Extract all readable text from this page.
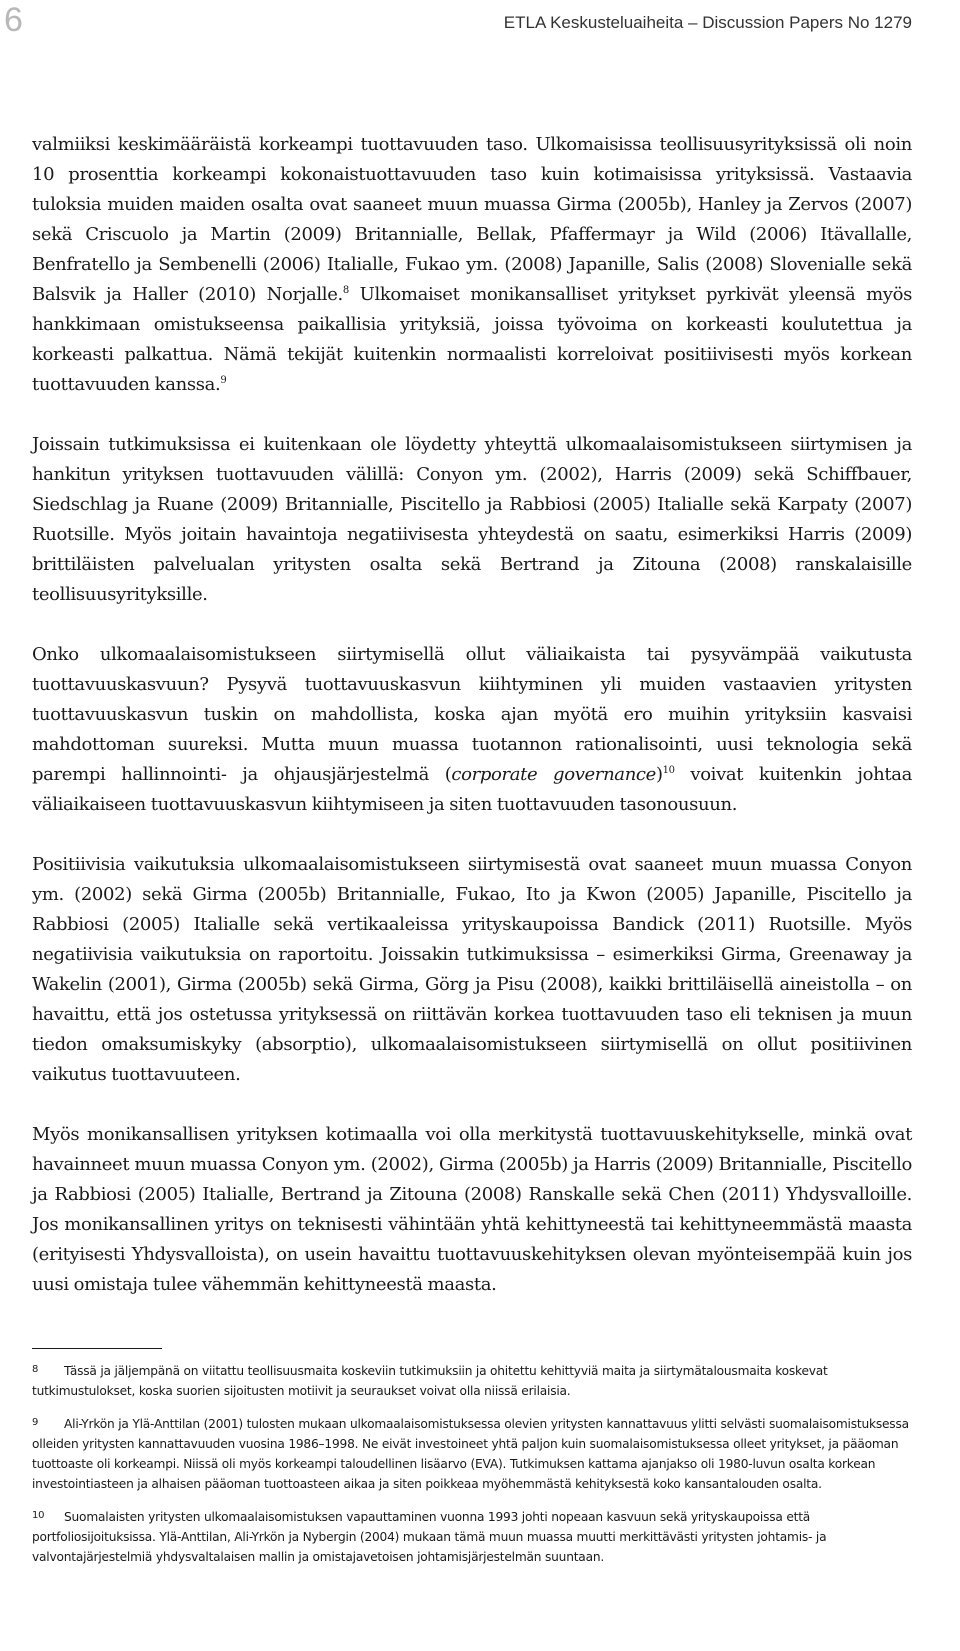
6	ETLA Keskusteluaiheita – Discussion Papers No 1279

valmiiksi keskimääräistä korkeampi tuottavuuden taso. Ulkomaisissa teollisuusyrityksissä oli noin 10 prosenttia korkeampi kokonaistuottavuuden taso kuin kotimaisissa yrityksissä. Vastaavia tuloksia muiden maiden osalta ovat saaneet muun muassa Girma (2005b), Hanley ja Zervos (2007) sekä Criscuolo ja Martin (2009) Britannialle, Bellak, Pfaffermayr ja Wild (2006) Itävallalle, Benfratello ja Sembenelli (2006) Italialle, Fukao ym. (2008) Japanille, Salis (2008) Slovenialle sekä Balsvik ja Haller (2010) Norjalle.$^8$ Ulkomaiset monikansalliset yritykset pyrkivät yleensä myös hankkimaan omistukseensa paikallisia yrityksiä, joissa työvoima on korkeasti koulutettua ja korkeasti palkattua. Nämä tekijät kuitenkin normaalisti korreloivat positiivisesti myös korkean tuottavuuden kanssa.$^9$

Joissain tutkimuksissa ei kuitenkaan ole löydetty yhteyttä ulkomaalaisomistukseen siirtymisen ja hankitun yrityksen tuottavuuden välillä: Conyon ym. (2002), Harris (2009) sekä Schiffbauer, Siedschlag ja Ruane (2009) Britannialle, Piscitello ja Rabbiosi (2005) Italialle sekä Karpaty (2007) Ruotsille. Myös joitain havaintoja negatiivisesta yhteydestä on saatu, esimerkiksi Harris (2009) brittiläisten palvelualan yritysten osalta sekä Bertrand ja Zitouna (2008) ranskalaisille teollisuusyrityksille.

Onko ulkomaalaisomistukseen siirtymisellä ollut väliaikaista tai pysyvämpää vaikutusta tuottavuuskasvuun? Pysyvä tuottavuuskasvun kiihtyminen yli muiden vastaavien yritysten tuottavuuskasvun tuskin on mahdollista, koska ajan myötä ero muihin yrityksiin kasvaisi mahdottoman suureksi. Mutta muun muassa tuotannon rationalisointi, uusi teknologia sekä parempi hallinnointi- ja ohjausjärjestelmä (corporate governance)$^{10}$ voivat kuitenkin johtaa väliaikaiseen tuottavuuskasvun kiihtymiseen ja siten tuottavuuden tasonousuun.

Positiivisia vaikutuksia ulkomaalaisomistukseen siirtymisestä ovat saaneet muun muassa Conyon ym. (2002) sekä Girma (2005b) Britannialle, Fukao, Ito ja Kwon (2005) Japanille, Piscitello ja Rabbiosi (2005) Italialle sekä vertikaaleissa yrityskaupoissa Bandick (2011) Ruotsille. Myös negatiivisia vaikutuksia on raportoitu. Joissakin tutkimuksissa – esimerkiksi Girma, Greenaway ja Wakelin (2001), Girma (2005b) sekä Girma, Görg ja Pisu (2008), kaikki brittiläisellä aineistolla – on havaittu, että jos ostetussa yrityksessä on riittävän korkea tuottavuuden taso eli teknisen ja muun tiedon omaksumiskyky (absorptio), ulkomaalaisomistukseen siirtymisellä on ollut positiivinen vaikutus tuottavuuteen.

Myös monikansallisen yrityksen kotimaalla voi olla merkitystä tuottavuuskehitykselle, minkä ovat havainneet muun muassa Conyon ym. (2002), Girma (2005b) ja Harris (2009) Britannialle, Piscitello ja Rabbiosi (2005) Italialle, Bertrand ja Zitouna (2008) Ranskalle sekä Chen (2011) Yhdysvalloille. Jos monikansallinen yritys on teknisesti vähintään yhtä kehittyneestä tai kehittyneemmästä maasta (erityisesti Yhdysvalloista), on usein havaittu tuottavuuskehityksen olevan myönteisempää kuin jos uusi omistaja tulee vähemmän kehittyneestä maasta.

8 Tässä ja jäljempänä on viitattu teollisuusmaita koskeviin tutkimuksiin ja ohitettu kehittyviä maita ja siirtymätalousmaita koskevat tutkimustulokset, koska suorien sijoitusten motiivit ja seuraukset voivat olla niissä erilaisia.
9 Ali-Yrkön ja Ylä-Anttilan (2001) tulosten mukaan ulkomaalaisomistuksessa olevien yritysten kannattavuus ylitti selvästi suomalaisomistuksessa olleiden yritysten kannattavuuden vuosina 1986–1998. Ne eivät investoineet yhtä paljon kuin suomalaisomistuksessa olleet yritykset, ja pääoman tuottoaste oli korkeampi. Niissä oli myös korkeampi taloudellinen lisäarvo (EVA). Tutkimuksen kattama ajanjakso oli 1980-luvun osalta korkean investointiasteen ja alhaisen pääoman tuottoasteen aikaa ja siten poikkeaa myöhemmästä kehityksestä koko kansantalouden osalta.
10 Suomalaisten yritysten ulkomaalaisomistuksen vapauttaminen vuonna 1993 johti nopeaan kasvuun sekä yrityskaupoissa että portfoliosijoituksissa. Ylä-Anttilan, Ali-Yrkön ja Nybergin (2004) mukaan tämä muun muassa muutti merkittävästi yritysten johtamis- ja valvontajärjestelmiä yhdysvaltalaisen mallin ja omistajavetoisen johtamisjärjestelmän suuntaan.
